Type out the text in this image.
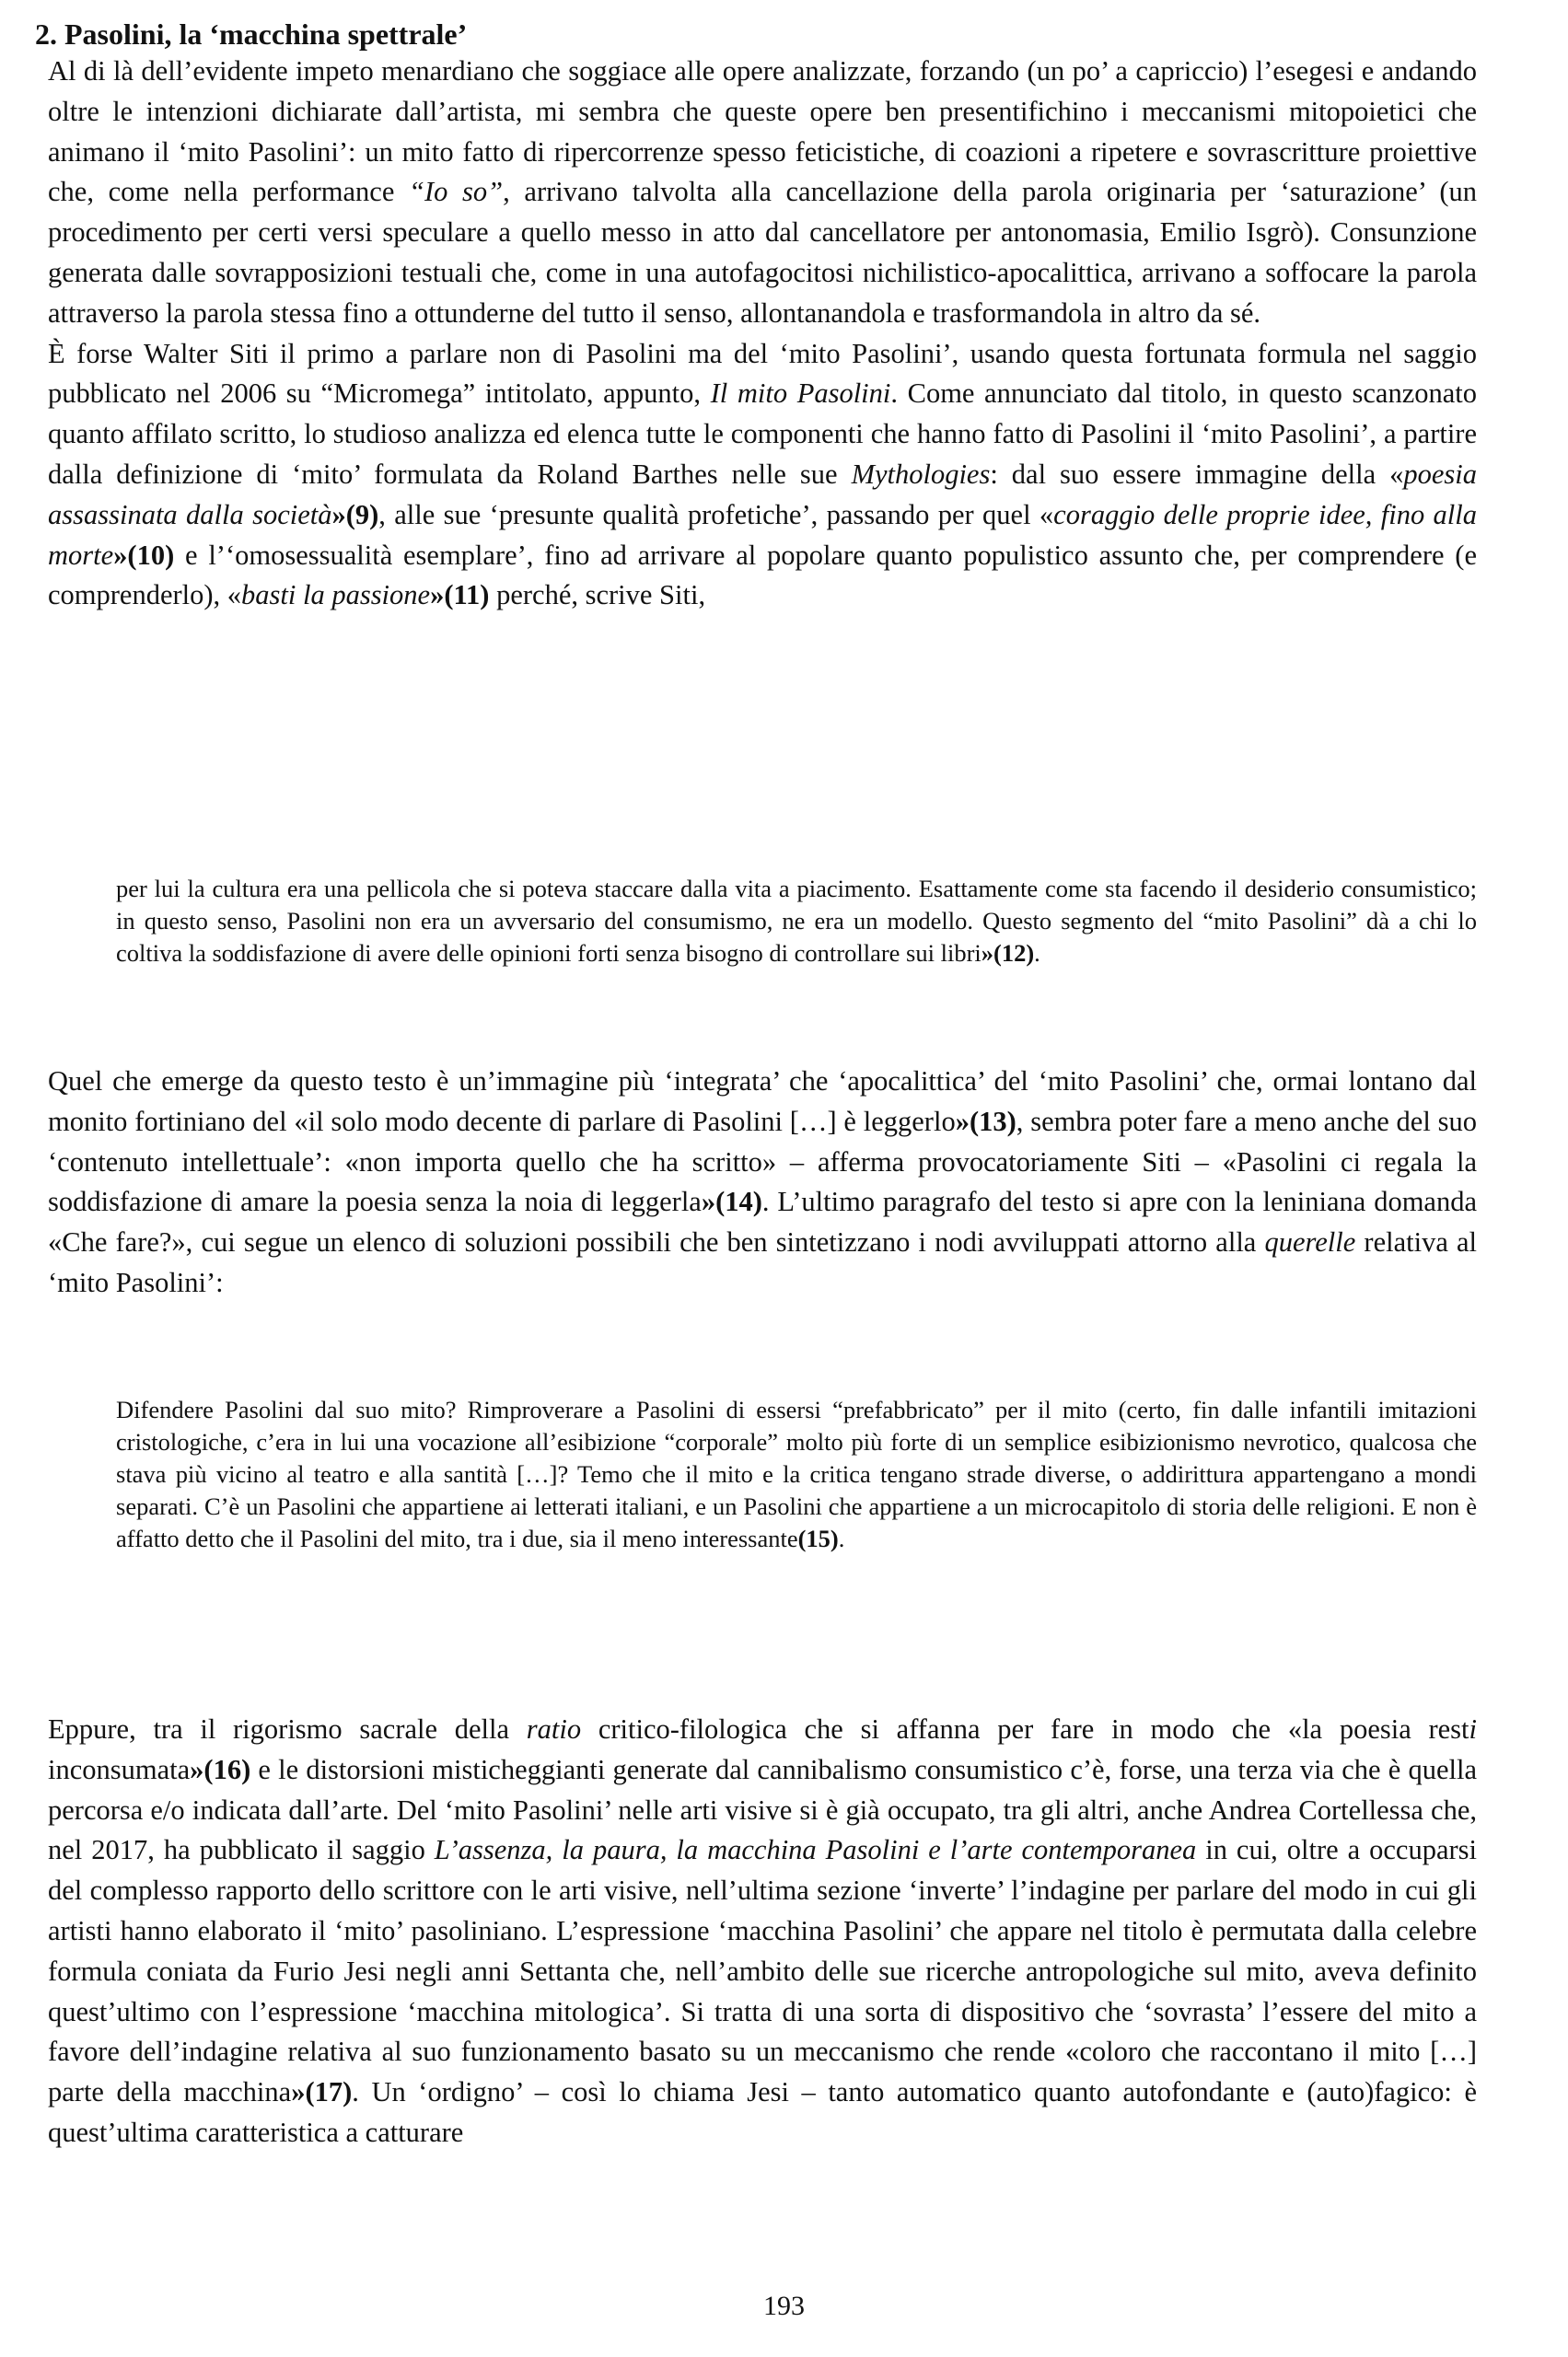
2. Pasolini, la ‘macchina spettrale’

Al di là dell’evidente impeto menardiano che soggiace alle opere analizzate, forzando (un po’ a capriccio) l’esegesi e andando oltre le intenzioni dichiarate dall’artista, mi sembra che queste opere ben presentifichino i meccanismi mitopoietici che animano il ‘mito Pasolini’: un mito fatto di ripercorrenze spesso feticistiche, di coazioni a ripetere e sovrascritture proiettive che, come nella performance “Io so”, arrivano talvolta alla cancellazione della parola originaria per ‘saturazione’ (un procedimento per certi versi speculare a quello messo in atto dal cancellatore per antonomasia, Emilio Isgrò). Consunzione generata dalle sovrapposizioni testuali che, come in una autofagocitosi nichilistico-apocalittica, arrivano a soffocare la parola attraverso la parola stessa fino a ottunderne del tutto il senso, allontanandola e trasformandola in altro da sé.
È forse Walter Siti il primo a parlare non di Pasolini ma del ‘mito Pasolini’, usando questa fortunata formula nel saggio pubblicato nel 2006 su “Micromega” intitolato, appunto, Il mito Pasolini. Come annunciato dal titolo, in questo scanzonato quanto affilato scritto, lo studioso analizza ed elenca tutte le componenti che hanno fatto di Pasolini il ‘mito Pasolini’, a partire dalla definizione di ‘mito’ formulata da Roland Barthes nelle sue Mythologies: dal suo essere immagine della «poesia assassinata dalla società»(9), alle sue ‘presunte qualità profetiche’, passando per quel «coraggio delle proprie idee, fino alla morte»(10) e l’‘omosessualità esemplare’, fino ad arrivare al popolare quanto populistico assunto che, per comprendere (e comprenderlo), «basti la passione»(11) perché, scrive Siti,

per lui la cultura era una pellicola che si poteva staccare dalla vita a piacimento. Esattamente come sta facendo il desiderio consumistico; in questo senso, Pasolini non era un avversario del consumismo, ne era un modello. Questo segmento del “mito Pasolini” dà a chi lo coltiva la soddisfazione di avere delle opinioni forti senza bisogno di controllare sui libri»(12).

Quel che emerge da questo testo è un’immagine più ‘integrata’ che ‘apocalittica’ del ‘mito Pasolini’ che, ormai lontano dal monito fortiniano del «il solo modo decente di parlare di Pasolini […] è leggerlo»(13), sembra poter fare a meno anche del suo ‘contenuto intellettuale’: «non importa quello che ha scritto» – afferma provocatoriamente Siti – «Pasolini ci regala la soddisfazione di amare la poesia senza la noia di leggerla»(14). L’ultimo paragrafo del testo si apre con la leniniana domanda «Che fare?», cui segue un elenco di soluzioni possibili che ben sintetizzano i nodi avviluppati attorno alla querelle relativa al ‘mito Pasolini’:

Difendere Pasolini dal suo mito? Rimproverare a Pasolini di essersi “prefabbricato” per il mito (certo, fin dalle infantili imitazioni cristologiche, c’era in lui una vocazione all’esibizione “corporale” molto più forte di un semplice esibizionismo nevrotico, qualcosa che stava più vicino al teatro e alla santità […]? Temo che il mito e la critica tengano strade diverse, o addirittura appartengano a mondi separati. C’è un Pasolini che appartiene ai letterati italiani, e un Pasolini che appartiene a un microcapitolo di storia delle religioni. E non è affatto detto che il Pasolini del mito, tra i due, sia il meno interessante(15).

Eppure, tra il rigorismo sacrale della ratio critico-filologica che si affanna per fare in modo che «la poesia resti inconsumata»(16) e le distorsioni misticheggianti generate dal cannibalismo consumistico c’è, forse, una terza via che è quella percorsa e/o indicata dall’arte. Del ‘mito Pasolini’ nelle arti visive si è già occupato, tra gli altri, anche Andrea Cortellessa che, nel 2017, ha pubblicato il saggio L’assenza, la paura, la macchina Pasolini e l’arte contemporanea in cui, oltre a occuparsi del complesso rapporto dello scrittore con le arti visive, nell’ultima sezione ‘inverte’ l’indagine per parlare del modo in cui gli artisti hanno elaborato il ‘mito’ pasoliniano. L’espressione ‘macchina Pasolini’ che appare nel titolo è permutata dalla celebre formula coniata da Furio Jesi negli anni Settanta che, nell’ambito delle sue ricerche antropologiche sul mito, aveva definito quest’ultimo con l’espressione ‘macchina mitologica’. Si tratta di una sorta di dispositivo che ‘sovrasta’ l’essere del mito a favore dell’indagine relativa al suo funzionamento basato su un meccanismo che rende «coloro che raccontano il mito […] parte della macchina»(17). Un ‘ordigno’ – così lo chiama Jesi – tanto automatico quanto autofondante e (auto)fagico: è quest’ultima caratteristica a catturare

193
